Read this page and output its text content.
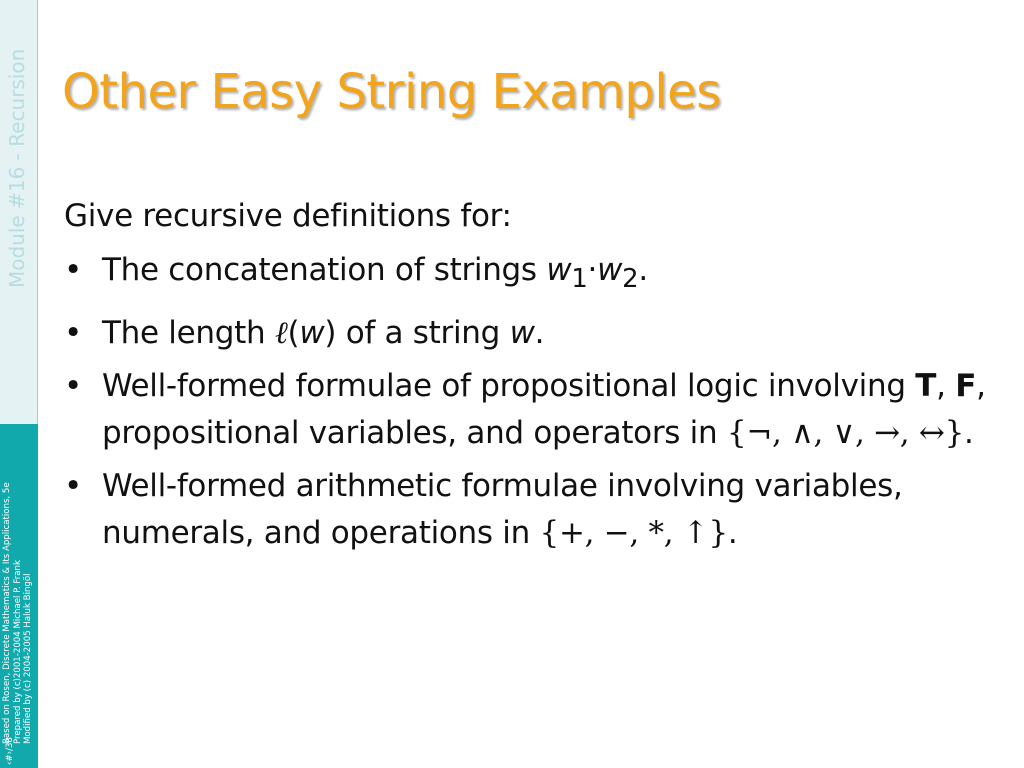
Module #16 - Recursion
Based on Rosen, Discrete Mathematics & Its Applications, 5e Prepared by (c)2001-2004 Michael P. Frank Modified by (c) 2004-2005 Haluk Bingöl
‹#›/38
Other Easy String Examples

Give recursive definitions for:

• The concatenation of strings $w_1\cdot w_2$.
• The length ℓ(w) of a string w.
• Well-formed formulae of propositional logic involving T, F, propositional variables, and operators in {¬, ∧, ∨, →, ↔}.
• Well-formed arithmetic formulae involving variables, numerals, and operations in {+, −, *, ↑}.
